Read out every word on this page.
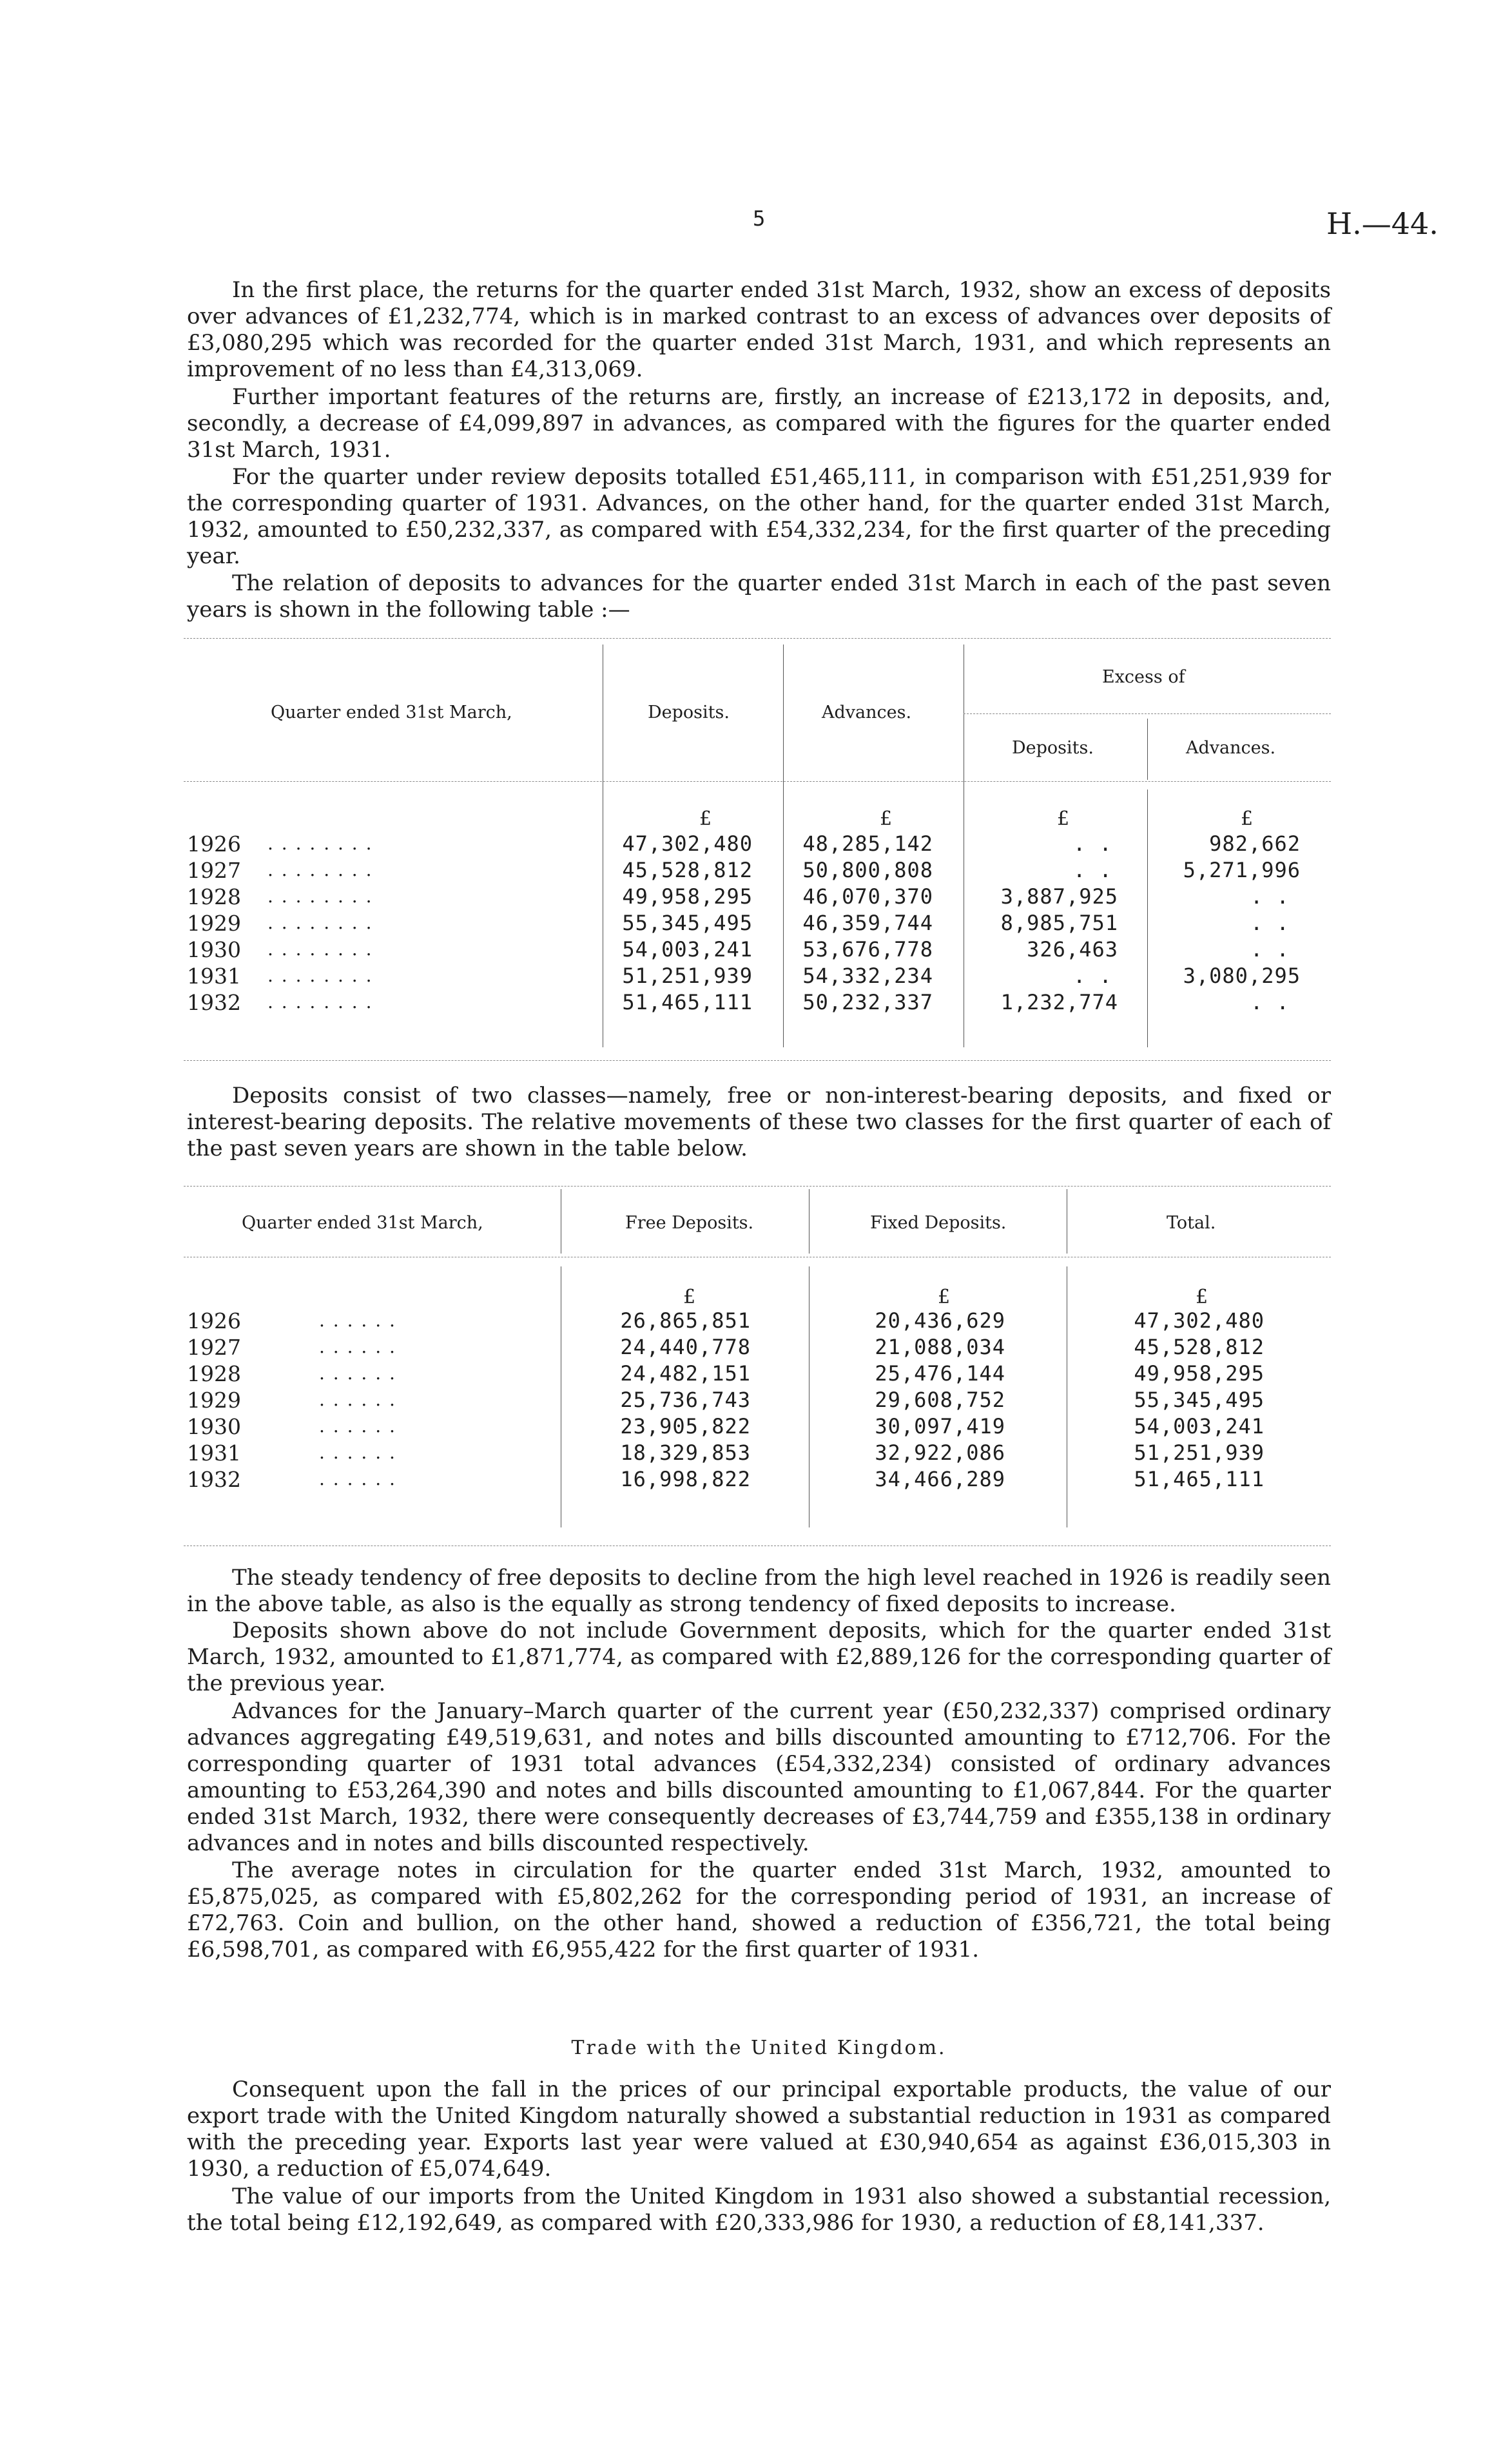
5	H.—44.

In the first place, the returns for the quarter ended 31st March, 1932, show an excess of deposits over advances of £1,232,774, which is in marked contrast to an excess of advances over deposits of £3,080,295 which was recorded for the quarter ended 31st March, 1931, and which represents an improvement of no less than £4,313,069.

Further important features of the returns are, firstly, an increase of £213,172 in deposits, and, secondly, a decrease of £4,099,897 in advances, as compared with the figures for the quarter ended 31st March, 1931.

For the quarter under review deposits totalled £51,465,111, in comparison with £51,251,939 for the corresponding quarter of 1931. Advances, on the other hand, for the quarter ended 31st March, 1932, amounted to £50,232,337, as compared with £54,332,234, for the first quarter of the preceding year.

The relation of deposits to advances for the quarter ended 31st March in each of the past seven years is shown in the following table :—

Quarter ended 31st March,	Deposits.	Advances.
Excess of
Deposits.	Advances.
£	£	£	£
1926 . . . . . . . .	47,302,480 48,285,142	. .	982,662
1927 . . . . . . . .	45,528,812 50,800,808	. .	5,271,996
1928 . . . . . . . .	49,958,295 46,070,370	3,887,925	. .
1929 . . . . . . . .	55,345,495 46,359,744	8,985,751	. .
1930 . . . . . . . .	54,003,241 53,676,778	326,463	. .
1931 . . . . . . . .	51,251,939 54,332,234	. .	3,080,295
1932 . . . . . . . .	51,465,111 50,232,337	1,232,774	. .

Deposits consist of two classes—namely, free or non-interest-bearing deposits, and fixed or interest-bearing deposits. The relative movements of these two classes for the first quarter of each of the past seven years are shown in the table below.

Quarter ended 31st March,	Free Deposits.	Fixed Deposits.	Total.
£	£	£
1926	. . . . . .	26,865,851	20,436,629	47,302,480
1927	. . . . . .	24,440,778	21,088,034	45,528,812
1928	. . . . . .	24,482,151	25,476,144	49,958,295
1929	. . . . . .	25,736,743	29,608,752	55,345,495
1930	. . . . . .	23,905,822	30,097,419	54,003,241
1931	. . . . . .	18,329,853	32,922,086	51,251,939
1932	. . . . . .	16,998,822	34,466,289	51,465,111

The steady tendency of free deposits to decline from the high level reached in 1926 is readily seen in the above table, as also is the equally as strong tendency of fixed deposits to increase.

Deposits shown above do not include Government deposits, which for the quarter ended 31st March, 1932, amounted to £1,871,774, as compared with £2,889,126 for the corresponding quarter of the previous year.

Advances for the January–March quarter of the current year (£50,232,337) comprised ordinary advances aggregating £49,519,631, and notes and bills discounted amounting to £712,706. For the corresponding quarter of 1931 total advances (£54,332,234) consisted of ordinary advances amounting to £53,264,390 and notes and bills discounted amounting to £1,067,844. For the quarter ended 31st March, 1932, there were consequently decreases of £3,744,759 and £355,138 in ordinary advances and in notes and bills discounted respectively.

The average notes in circulation for the quarter ended 31st March, 1932, amounted to £5,875,025, as compared with £5,802,262 for the corresponding period of 1931, an increase of £72,763. Coin and bullion, on the other hand, showed a reduction of £356,721, the total being £6,598,701, as compared with £6,955,422 for the first quarter of 1931.

Trade with the United Kingdom.

Consequent upon the fall in the prices of our principal exportable products, the value of our export trade with the United Kingdom naturally showed a substantial reduction in 1931 as compared with the preceding year. Exports last year were valued at £30,940,654 as against £36,015,303 in 1930, a reduction of £5,074,649.

The value of our imports from the United Kingdom in 1931 also showed a substantial recession, the total being £12,192,649, as compared with £20,333,986 for 1930, a reduction of £8,141,337.
